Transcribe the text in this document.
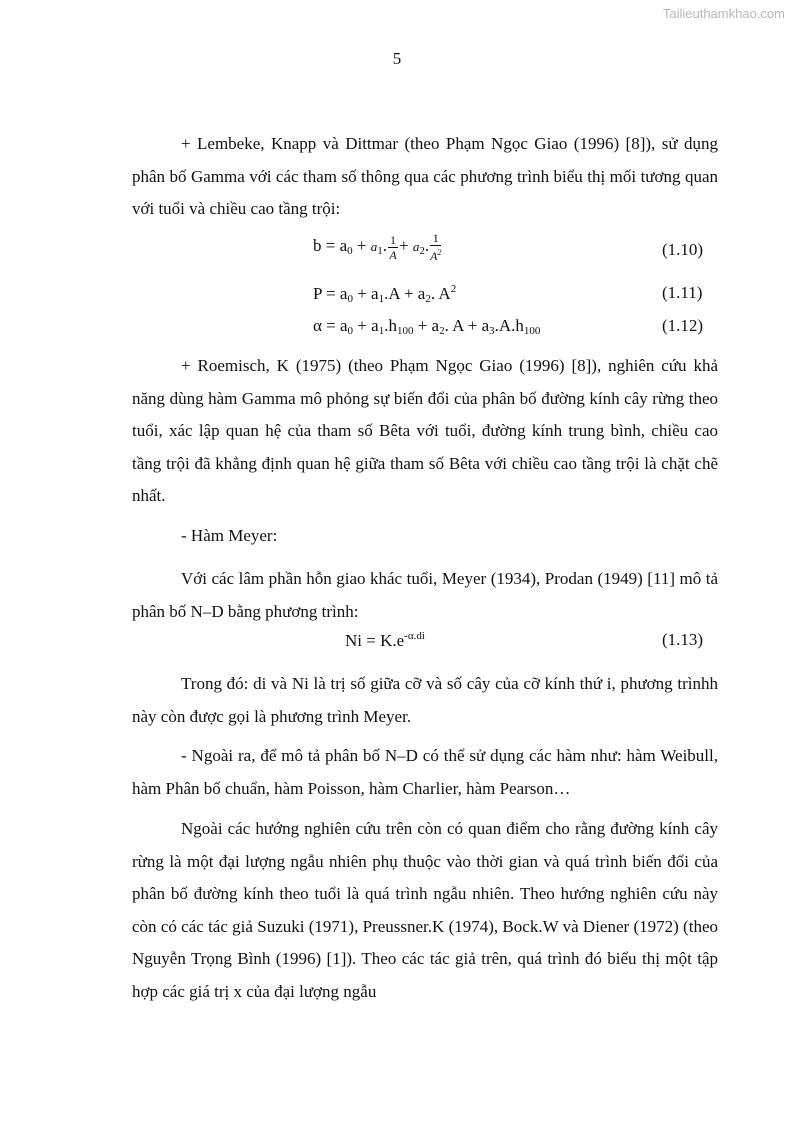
Tailieuthamkhao.com
5

+ Lembeke, Knapp và Dittmar (theo Phạm Ngọc Giao (1996) [8]), sử dụng phân bố Gamma với các tham số thông qua các phương trình biểu thị mối tương quan với tuổi và chiều cao tầng trội:

$b = a_0 + a_1$. $\frac{1}{A} + a_2$. $\frac{1}{A^2}$	(1.10)
$P = a_0 + a_1.A + a_2$. $A^2$	(1.11)
$\alpha = a_0 + a_1.h_{100} + a_2$. $A + a_3.A.h_{100}$	(1.12)

+ Roemisch, K (1975) (theo Phạm Ngọc Giao (1996) [8]), nghiên cứu khả năng dùng hàm Gamma mô phỏng sự biến đổi của phân bố đường kính cây rừng theo tuổi, xác lập quan hệ của tham số Bêta với tuổi, đường kính trung bình, chiều cao tầng trội đã khẳng định quan hệ giữa tham số Bêta với chiều cao tầng trội là chặt chẽ nhất.

- Hàm Meyer:

Với các lâm phần hỗn giao khác tuổi, Meyer (1934), Prodan (1949) [11] mô tả phân bố N–D bằng phương trình:

$Ni = K.e^{-\alpha.di}$	(1.13)

Trong đó: di và Ni là trị số giữa cỡ và số cây của cỡ kính thứ i, phương trìnhh này còn được gọi là phương trình Meyer.

- Ngoài ra, để mô tả phân bố N–D có thể sử dụng các hàm như: hàm Weibull, hàm Phân bố chuẩn, hàm Poisson, hàm Charlier, hàm Pearson…

Ngoài các hướng nghiên cứu trên còn có quan điểm cho rằng đường kính cây rừng là một đại lượng ngẫu nhiên phụ thuộc vào thời gian và quá trình biến đổi của phân bố đường kính theo tuổi là quá trình ngẫu nhiên. Theo hướng nghiên cứu này còn có các tác giả Suzuki (1971), Preussner.K (1974), Bock.W và Diener (1972) (theo Nguyễn Trọng Bình (1996) [1]). Theo các tác giả trên, quá trình đó biểu thị một tập hợp các giá trị x của đại lượng ngẫu
